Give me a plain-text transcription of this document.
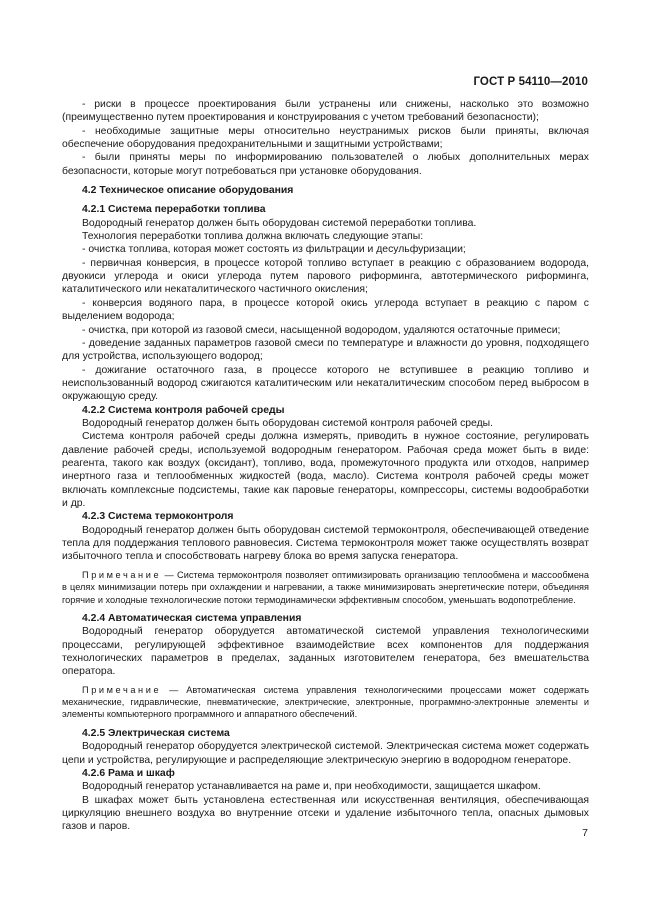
ГОСТ Р 54110—2010

- риски в процессе проектирования были устранены или снижены, насколько это возможно (преимущественно путем проектирования и конструирования с учетом требований безопасности);

- необходимые защитные меры относительно неустранимых рисков были приняты, включая обеспечение оборудования предохранительными и защитными устройствами;

- были приняты меры по информированию пользователей о любых дополнительных мерах безопасности, которые могут потребоваться при установке оборудования.

4.2 Техническое описание оборудования

4.2.1 Система переработки топлива

Водородный генератор должен быть оборудован системой переработки топлива.

Технология переработки топлива должна включать следующие этапы:

- очистка топлива, которая может состоять из фильтрации и десульфуризации;

- первичная конверсия, в процессе которой топливо вступает в реакцию с образованием водорода, двуокиси углерода и окиси углерода путем парового риформинга, автотермического риформинга, каталитического или некаталитического частичного окисления;

- конверсия водяного пара, в процессе которой окись углерода вступает в реакцию с паром с выделением водорода;

- очистка, при которой из газовой смеси, насыщенной водородом, удаляются остаточные примеси;

- доведение заданных параметров газовой смеси по температуре и влажности до уровня, подходящего для устройства, использующего водород;

- дожигание остаточного газа, в процессе которого не вступившее в реакцию топливо и неиспользованный водород сжигаются каталитическим или некаталитическим способом перед выбросом в окружающую среду.

4.2.2 Система контроля рабочей среды

Водородный генератор должен быть оборудован системой контроля рабочей среды.

Система контроля рабочей среды должна измерять, приводить в нужное состояние, регулировать давление рабочей среды, используемой водородным генератором. Рабочая среда может быть в виде: реагента, такого как воздух (оксидант), топливо, вода, промежуточного продукта или отходов, например инертного газа и теплообменных жидкостей (вода, масло). Система контроля рабочей среды может включать комплексные подсистемы, такие как паровые генераторы, компрессоры, системы водообработки и др.

4.2.3 Система термоконтроля

Водородный генератор должен быть оборудован системой термоконтроля, обеспечивающей отведение тепла для поддержания теплового равновесия. Система термоконтроля может также осуществлять возврат избыточного тепла и способствовать нагреву блока во время запуска генератора.

Примечание — Система термоконтроля позволяет оптимизировать организацию теплообмена и массообмена в целях минимизации потерь при охлаждении и нагревании, а также минимизировать энергетические потери, объединяя горячие и холодные технологические потоки термодинамически эффективным способом, уменьшать водопотребление.

4.2.4 Автоматическая система управления

Водородный генератор оборудуется автоматической системой управления технологическими процессами, регулирующей эффективное взаимодействие всех компонентов для поддержания технологических параметров в пределах, заданных изготовителем генератора, без вмешательства оператора.

Примечание — Автоматическая система управления технологическими процессами может содержать механические, гидравлические, пневматические, электрические, электронные, программно-электронные элементы и элементы компьютерного программного и аппаратного обеспечений.

4.2.5 Электрическая система

Водородный генератор оборудуется электрической системой. Электрическая система может содержать цепи и устройства, регулирующие и распределяющие электрическую энергию в водородном генераторе.

4.2.6 Рама и шкаф

Водородный генератор устанавливается на раме и, при необходимости, защищается шкафом.

В шкафах может быть установлена естественная или искусственная вентиляция, обеспечивающая циркуляцию внешнего воздуха во внутренние отсеки и удаление избыточного тепла, опасных дымовых газов и паров.

7
